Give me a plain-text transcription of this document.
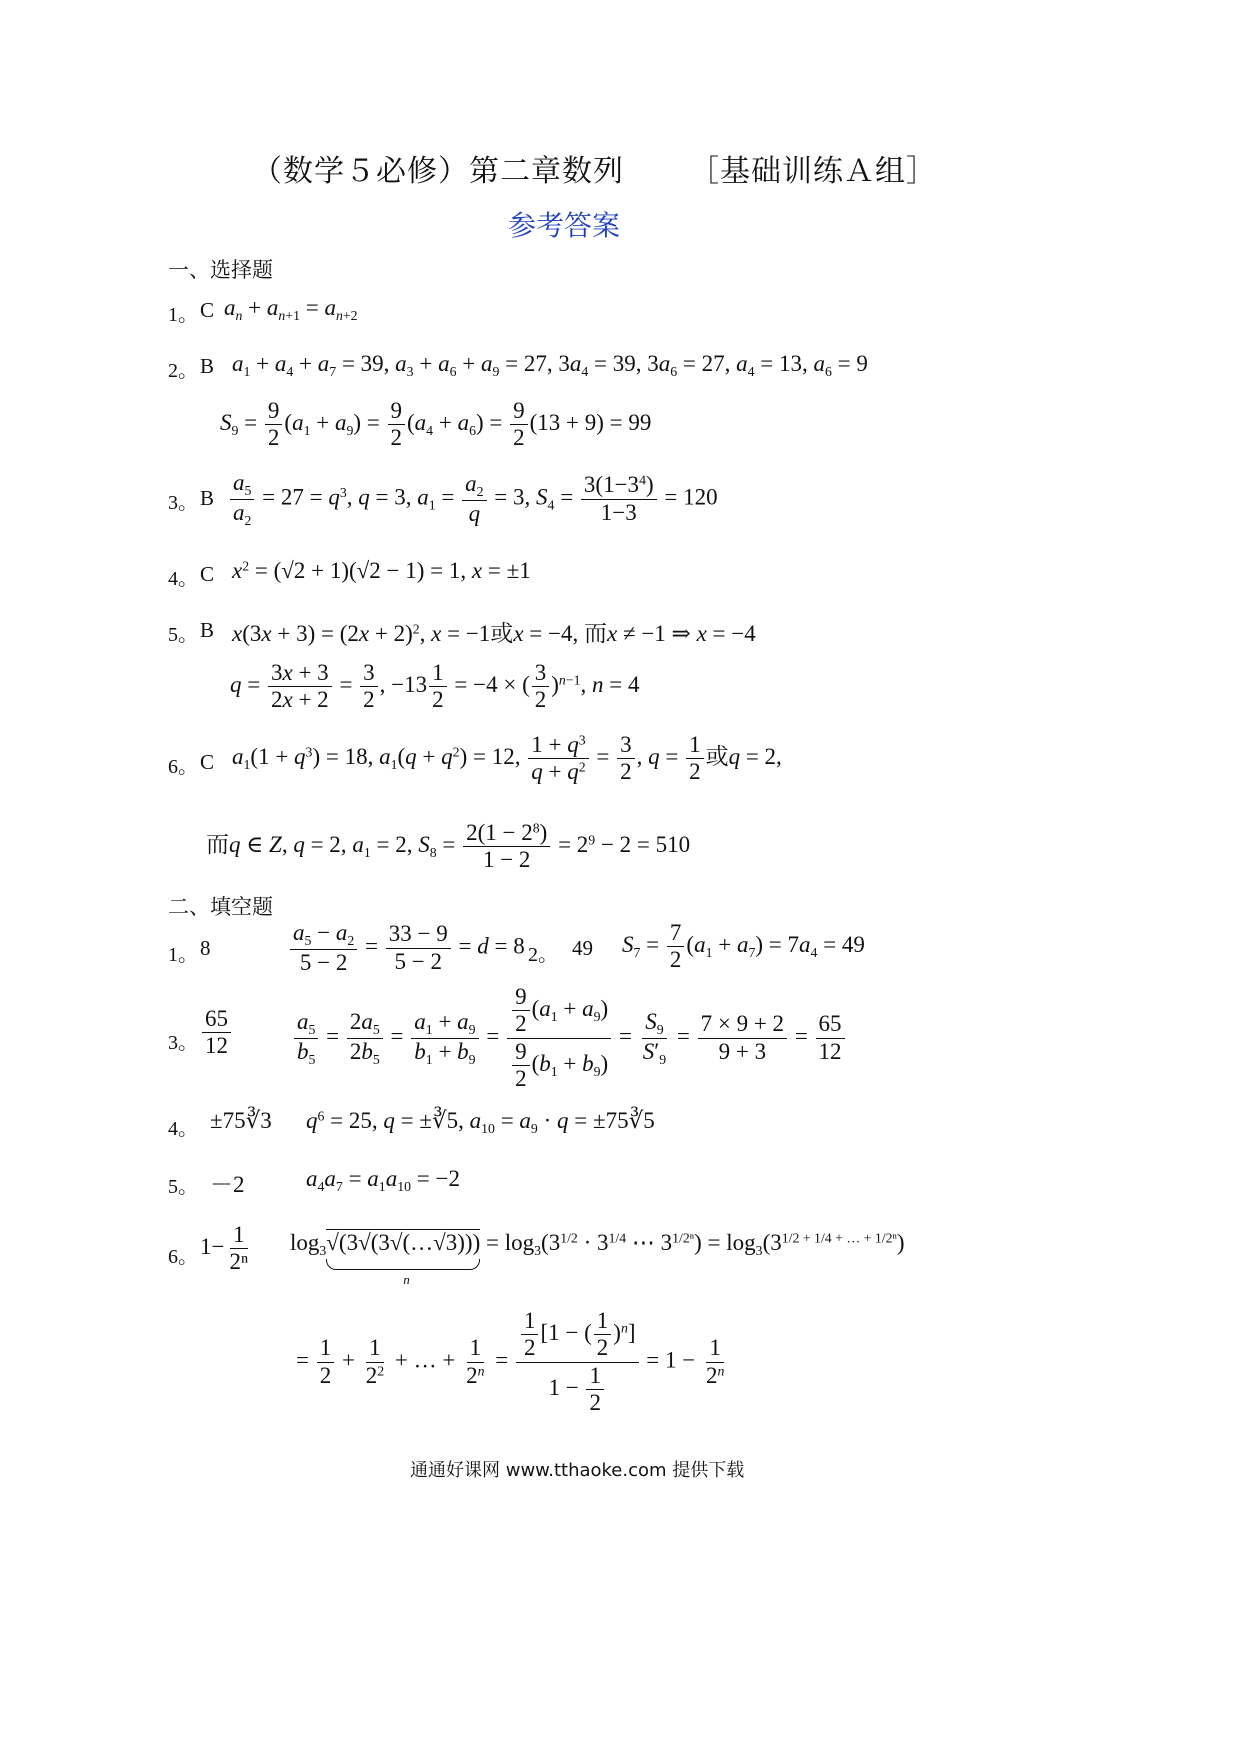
（数学５必修）第二章数列 ［基础训练Ａ组］
参考答案
一、选择题
1。 C $a_n + a_{n+1} = a_{n+2}$
2。 B $a_1 + a_4 + a_7 = 39$, $a_3 + a_6 + a_9 = 27$, $3a_4 = 39$, $3a_6 = 27$, $a_4 = 13$, $a_6 = 9$
$S_9 = \frac{9}{2} (a_1 + a_9) = \frac{9}{2} (a_4 + a_6) = \frac{9}{2} (13 + 9) = 99$
3。 B $\frac{a_5}{a_2} = 27 = q^3$, q = 3, $a_1 = \frac{a_2}{q} = 3$, $S_4 = \frac{3(1-3^4)}{1-3} = 120$
4。 C $x^2 = (√2 + 1)(√2 - 1) = 1$, x = ±1
5。 B $x(3x + 3) = (2x + 2)^2$, x = −1或x = −4, 而x ≠ −1 ⇒ x = −4
$q = \frac{3x + 3}{2x + 2} = \frac{3}{2}$ , $-13 \frac{1}{2} = -4$ × ( $\frac{3}{2} )^{n-1}$, n = 4
6。 C $a_1(1 + q^3) = 18$, $a_1(q + q^2) = 12$, $\frac{1 + q^3}{q + q^2} = \frac{3}{2}$ , $q = \frac{1}{2}$ 或q = 2,
而q ∈ Z, q = 2, $a_1 = 2$, $S_8 = \frac{2(1 - 2^8)}{1 - 2} = 2^9 - 2 = 510$
二、填空题
1。 8	$\frac{a_5 - a_2}{5 - 2} = \frac{33 - 9}{5 - 2} = d = 8$ 2。 49 $S_7 = \frac{7}{2} (a_1 + a_7) = 7a_4 = 49$
3。 $\frac{65}{12}$	$\frac{a_5}{b_5} = \frac{2a_5}{2b_5} = \frac{a_1 + a_9}{b_1 + b_9} = \frac{\frac{9}{2} (a_1 + a_9)}{\frac{9}{2} (b_1 + b_9)} = \frac{S_9}{S'_9} = \frac{7 \times 9 + 2}{9 + 3} = \frac{65}{12}$
4。 ±75∛3 $q^6 = 25$, q = ±∛5, $a_{10} = a_9 \cdot q$ = ±75∛5
5。 －2	$a_4a_7 = a_1a_{10} = -2$
6。 $1- \frac{1}{\text{2ⁿ}}$ $\log_3√(3√(3√(\dots√3)))$
n
= $\log_3(3^{1/2} \cdot 3^{1/4}$ ⋯ $3^{1/2^n}) = \log_3(3^{1/2 + 1/4 + \dots + 1/2^n})$
= $\frac{1}{2} + \frac{1}{2^2}$ + … + $\frac{1}{2^n} = \frac{\frac{1}{2} [1 - ( \frac{1}{2} )^n]}{1 - \frac{1}{2}} = 1 - \frac{1}{2^n}$
通通好课网 www.tthaoke.com 提供下载
